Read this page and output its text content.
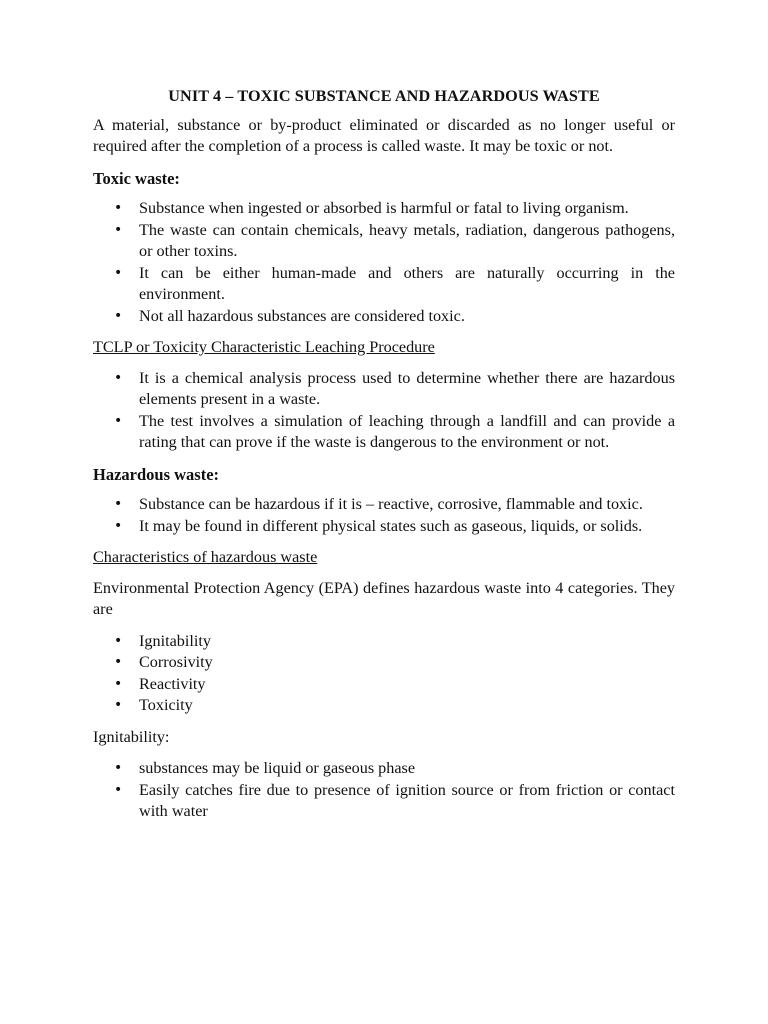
UNIT 4 – TOXIC SUBSTANCE AND HAZARDOUS WASTE

A material, substance or by-product eliminated or discarded as no longer useful or required after the completion of a process is called waste. It may be toxic or not.

Toxic waste:
• Substance when ingested or absorbed is harmful or fatal to living organism.
• The waste can contain chemicals, heavy metals, radiation, dangerous pathogens, or other toxins.
• It can be either human-made and others are naturally occurring in the environment.
• Not all hazardous substances are considered toxic.

TCLP or Toxicity Characteristic Leaching Procedure

• It is a chemical analysis process used to determine whether there are hazardous elements present in a waste.
• The test involves a simulation of leaching through a landfill and can provide a rating that can prove if the waste is dangerous to the environment or not.
Hazardous waste:
• Substance can be hazardous if it is – reactive, corrosive, flammable and toxic.
• It may be found in different physical states such as gaseous, liquids, or solids.

Characteristics of hazardous waste

Environmental Protection Agency (EPA) defines hazardous waste into 4 categories. They are

• Ignitability
• Corrosivity
• Reactivity
• Toxicity

Ignitability:

• substances may be liquid or gaseous phase
• Easily catches fire due to presence of ignition source or from friction or contact with water
